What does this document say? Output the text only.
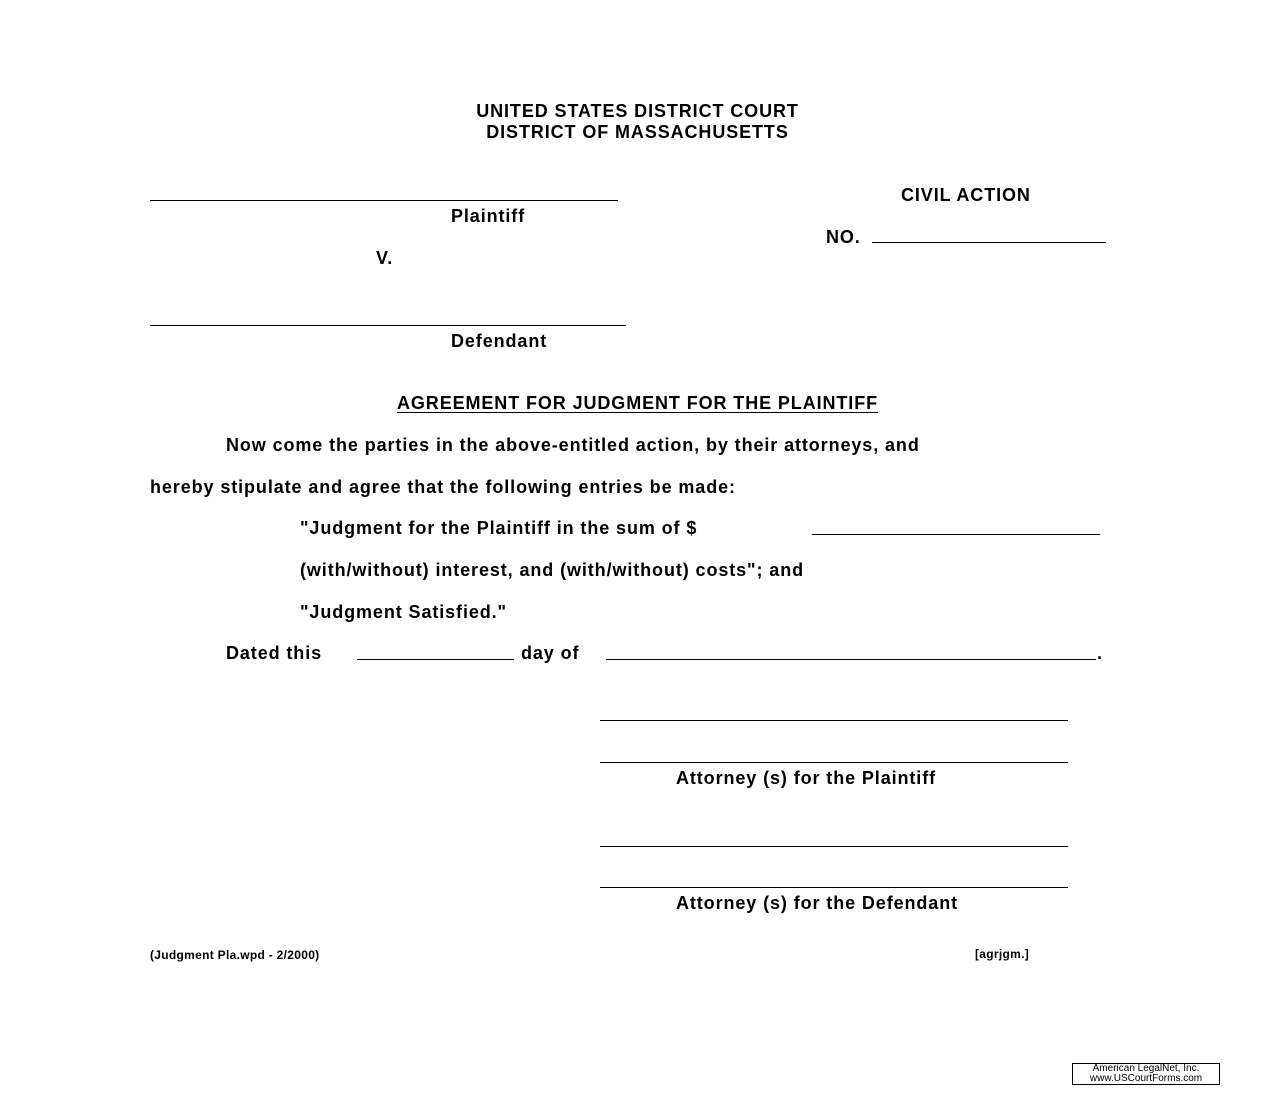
UNITED STATES DISTRICT COURT
DISTRICT OF MASSACHUSETTS
Plaintiff
V.
Defendant
CIVIL ACTION
NO.
AGREEMENT FOR JUDGMENT FOR THE PLAINTIFF
Now come the parties in the above-entitled action, by their attorneys, and
hereby stipulate and agree that the following entries be made:
"Judgment for the Plaintiff in the sum of $
(with/without) interest, and (with/without) costs"; and
"Judgment Satisfied."
Dated this	day of	.
Attorney (s) for the Plaintiff
Attorney (s) for the Defendant
(Judgment Pla.wpd - 2/2000)	[agrjgm.]
American LegalNet, Inc.
www.USCourtForms.com
